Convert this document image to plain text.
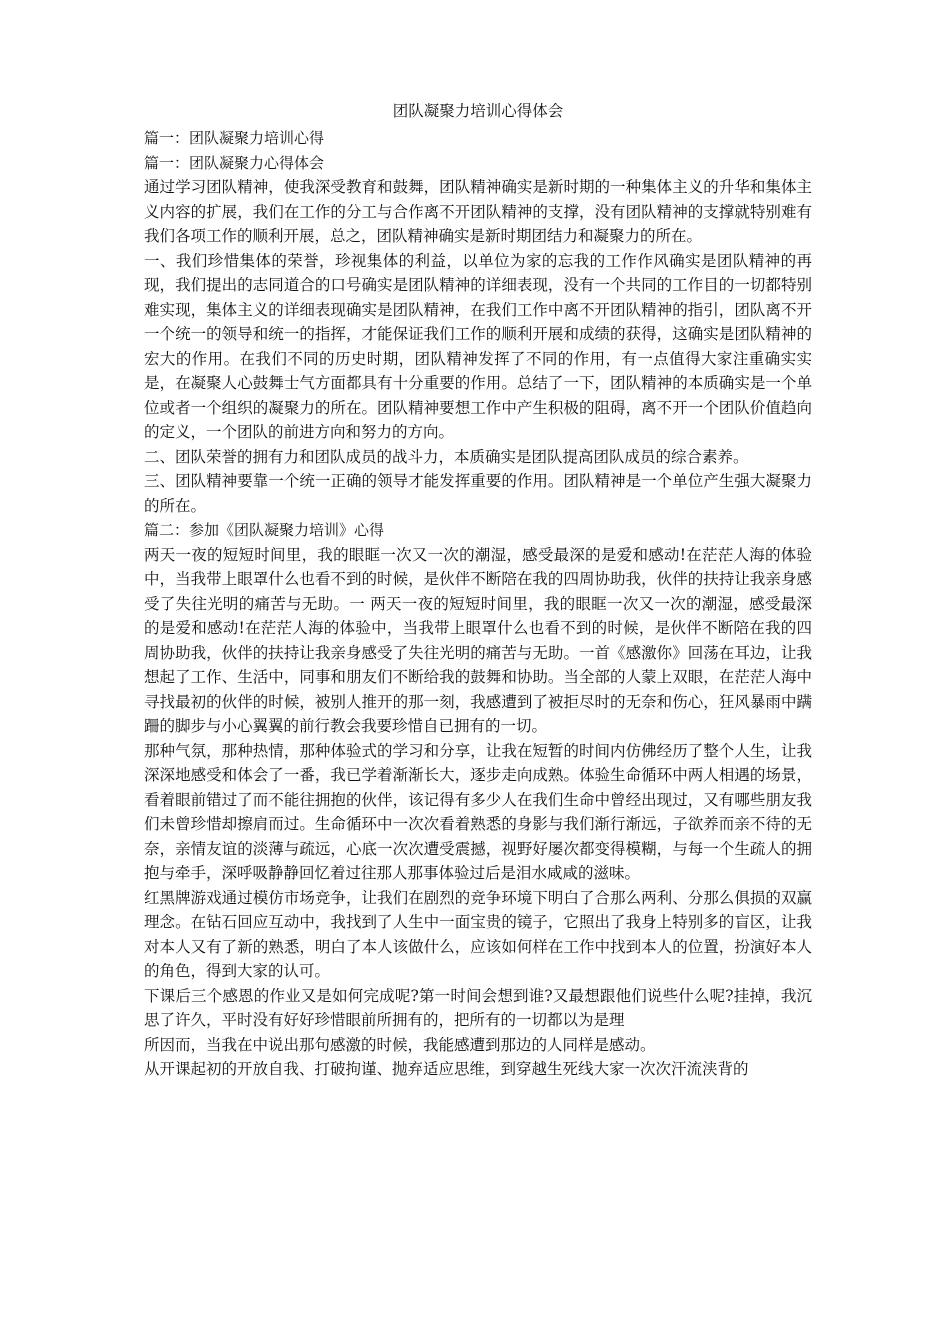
团队凝聚力培训心得体会

篇一：团队凝聚力培训心得

篇一：团队凝聚力心得体会

通过学习团队精神，使我深受教育和鼓舞，团队精神确实是新时期的一种集体主义的升华和集体主义内容的扩展，我们在工作的分工与合作离不开团队精神的支撑，没有团队精神的支撑就特别难有我们各项工作的顺利开展，总之，团队精神确实是新时期团结力和凝聚力的所在。

一、我们珍惜集体的荣誉，珍视集体的利益，以单位为家的忘我的工作作风确实是团队精神的再现，我们提出的志同道合的口号确实是团队精神的详细表现，没有一个共同的工作目的一切都特别难实现，集体主义的详细表现确实是团队精神，在我们工作中离不开团队精神的指引，团队离不开一个统一的领导和统一的指挥，才能保证我们工作的顺利开展和成绩的获得，这确实是团队精神的宏大的作用。在我们不同的历史时期，团队精神发挥了不同的作用，有一点值得大家注重确实实是，在凝聚人心鼓舞士气方面都具有十分重要的作用。总结了一下，团队精神的本质确实是一个单位或者一个组织的凝聚力的所在。团队精神要想工作中产生积极的阻碍，离不开一个团队价值趋向的定义，一个团队的前进方向和努力的方向。

二、团队荣誉的拥有力和团队成员的战斗力，本质确实是团队提高团队成员的综合素养。

三、团队精神要靠一个统一正确的领导才能发挥重要的作用。团队精神是一个单位产生强大凝聚力的所在。

篇二：参加《团队凝聚力培训》心得

两天一夜的短短时间里，我的眼眶一次又一次的潮湿，感受最深的是爱和感动!在茫茫人海的体验中，当我带上眼罩什么也看不到的时候，是伙伴不断陪在我的四周协助我，伙伴的扶持让我亲身感受了失往光明的痛苦与无助。一 两天一夜的短短时间里，我的眼眶一次又一次的潮湿，感受最深的是爱和感动!在茫茫人海的体验中，当我带上眼罩什么也看不到的时候，是伙伴不断陪在我的四周协助我，伙伴的扶持让我亲身感受了失往光明的痛苦与无助。一首《感激你》回荡在耳边，让我想起了工作、生活中，同事和朋友们不断给我的鼓舞和协助。当全部的人蒙上双眼，在茫茫人海中寻找最初的伙伴的时候，被别人推开的那一刻，我感遭到了被拒尽时的无奈和伤心，狂风暴雨中蹒跚的脚步与小心翼翼的前行教会我要珍惜自已拥有的一切。

那种气氛，那种热情，那种体验式的学习和分享，让我在短暂的时间内仿佛经历了整个人生，让我深深地感受和体会了一番，我已学着渐渐长大，逐步走向成熟。体验生命循环中两人相遇的场景，看着眼前错过了而不能往拥抱的伙伴，该记得有多少人在我们生命中曾经出现过，又有哪些朋友我们未曾珍惜却擦肩而过。生命循环中一次次看着熟悉的身影与我们渐行渐远，子欲养而亲不待的无奈，亲情友谊的淡薄与疏远，心底一次次遭受震撼，视野好屡次都变得模糊，与每一个生疏人的拥抱与牵手，深呼吸静静回忆着过往那人那事体验过后是泪水咸咸的滋味。

红黑牌游戏通过模仿市场竞争，让我们在剧烈的竞争环境下明白了合那么两利、分那么俱损的双赢理念。在钻石回应互动中，我找到了人生中一面宝贵的镜子，它照出了我身上特别多的盲区，让我对本人又有了新的熟悉，明白了本人该做什么，应该如何样在工作中找到本人的位置，扮演好本人的角色，得到大家的认可。

下课后三个感恩的作业又是如何完成呢?第一时间会想到谁?又最想跟他们说些什么呢?挂掉，我沉思了许久，平时没有好好珍惜眼前所拥有的，把所有的一切都以为是理

所因而，当我在中说出那句感激的时候，我能感遭到那边的人同样是感动。

从开课起初的开放自我、打破拘谨、抛弃适应思维，到穿越生死线大家一次次汗流浃背的
